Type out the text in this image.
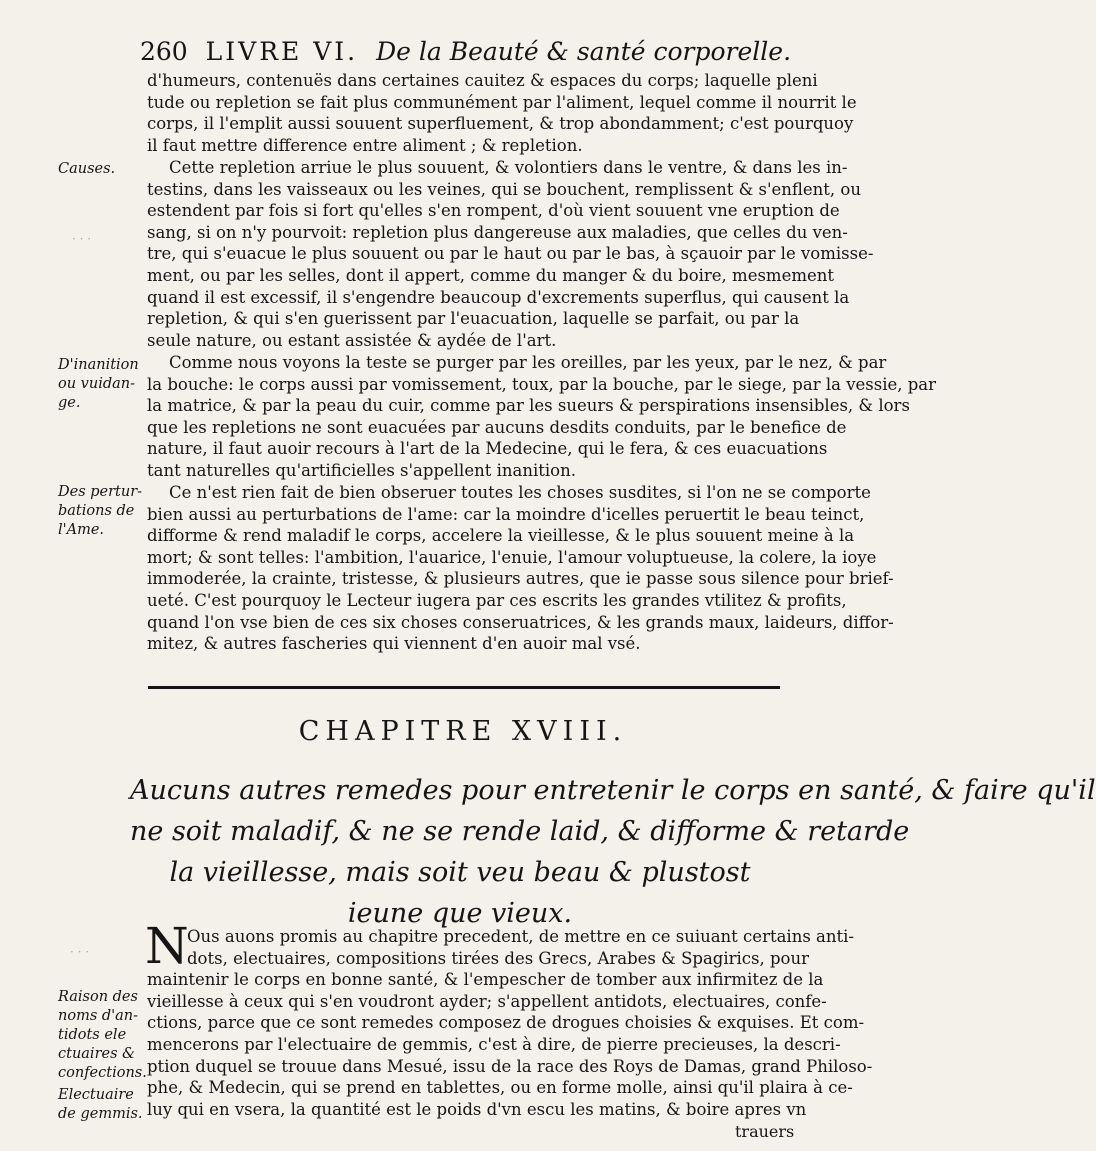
260 LIVRE VI. De la Beauté & santé corporelle.
· · ·
· · ·
d'humeurs, contenuës dans certaines cauitez & espaces du corps; laquelle pleni
tude ou repletion se fait plus communément par l'aliment, lequel comme il nourrit le
corps, il l'emplit aussi souuent superfluement, & trop abondamment; c'est pourquoy
il faut mettre difference entre aliment ; & repletion.
Cette repletion arriue le plus souuent, & volontiers dans le ventre, & dans les in-
testins, dans les vaisseaux ou les veines, qui se bouchent, remplissent & s'enflent, ou
estendent par fois si fort qu'elles s'en rompent, d'où vient souuent vne eruption de
sang, si on n'y pourvoit: repletion plus dangereuse aux maladies, que celles du ven-
tre, qui s'euacue le plus souuent ou par le haut ou par le bas, à sçauoir par le vomisse-
ment, ou par les selles, dont il appert, comme du manger & du boire, mesmement
quand il est excessif, il s'engendre beaucoup d'excrements superflus, qui causent la
repletion, & qui s'en guerissent par l'euacuation, laquelle se parfait, ou par la
seule nature, ou estant assistée & aydée de l'art.
Comme nous voyons la teste se purger par les oreilles, par les yeux, par le nez, & par
la bouche: le corps aussi par vomissement, toux, par la bouche, par le siege, par la vessie, par
la matrice, & par la peau du cuir, comme par les sueurs & perspirations insensibles, & lors
que les repletions ne sont euacuées par aucuns desdits conduits, par le benefice de
nature, il faut auoir recours à l'art de la Medecine, qui le fera, & ces euacuations
tant naturelles qu'artificielles s'appellent inanition.
Ce n'est rien fait de bien obseruer toutes les choses susdites, si l'on ne se comporte
bien aussi au perturbations de l'ame: car la moindre d'icelles peruertit le beau teinct,
difforme & rend maladif le corps, accelere la vieillesse, & le plus souuent meine à la
mort; & sont telles: l'ambition, l'auarice, l'enuie, l'amour voluptueuse, la colere, la ioye
immoderée, la crainte, tristesse, & plusieurs autres, que ie passe sous silence pour brief-
ueté. C'est pourquoy le Lecteur iugera par ces escrits les grandes vtilitez & profits,
quand l'on vse bien de ces six choses conseruatrices, & les grands maux, laideurs, diffor-
mitez, & autres fascheries qui viennent d'en auoir mal vsé.
Causes.
D'inanition
ou vuidan-
ge.
Des pertur-
bations de
l'Ame.
CHAPITRE XVIII.
Aucuns autres remedes pour entretenir le corps en santé, & faire qu'il
ne soit maladif, & ne se rende laid, & difforme & retarde
la vieillesse, mais soit veu beau & plustost
ieune que vieux.
N
Ous auons promis au chapitre precedent, de mettre en ce suiuant certains anti-
dots, electuaires, compositions tirées des Grecs, Arabes & Spagirics, pour
maintenir le corps en bonne santé, & l'empescher de tomber aux infirmitez de la
vieillesse à ceux qui s'en voudront ayder; s'appellent antidots, electuaires, confe-
ctions, parce que ce sont remedes composez de drogues choisies & exquises. Et com-
mencerons par l'electuaire de gemmis, c'est à dire, de pierre precieuses, la descri-
ption duquel se trouue dans Mesué, issu de la race des Roys de Damas, grand Philoso-
phe, & Medecin, qui se prend en tablettes, ou en forme molle, ainsi qu'il plaira à ce-
luy qui en vsera, la quantité est le poids d'vn escu les matins, & boire apres vn
trauers
Raison des
noms d'an-
tidots ele
ctuaires &
confections.
Electuaire
de gemmis.
